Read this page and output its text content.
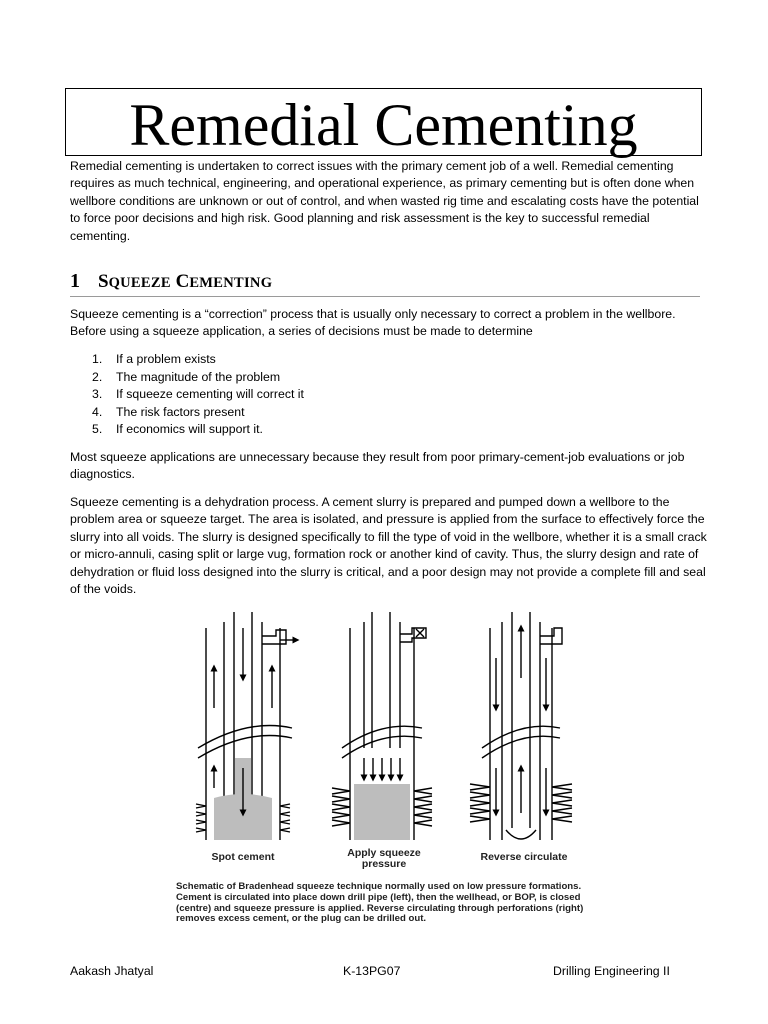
Remedial Cementing
Remedial cementing is undertaken to correct issues with the primary cement job of a well. Remedial cementing requires as much technical, engineering, and operational experience, as primary cementing but is often done when wellbore conditions are unknown or out of control, and when wasted rig time and escalating costs have the potential to force poor decisions and high risk. Good planning and risk assessment is the key to successful remedial cementing.
1 SQUEEZE CEMENTING
Squeeze cementing is a “correction” process that is usually only necessary to correct a problem in the wellbore. Before using a squeeze application, a series of decisions must be made to determine
1. If a problem exists
2. The magnitude of the problem
3. If squeeze cementing will correct it
4. The risk factors present
5. If economics will support it.
Most squeeze applications are unnecessary because they result from poor primary-cement-job evaluations or job diagnostics.
Squeeze cementing is a dehydration process. A cement slurry is prepared and pumped down a wellbore to the problem area or squeeze target. The area is isolated, and pressure is applied from the surface to effectively force the slurry into all voids. The slurry is designed specifically to fill the type of void in the wellbore, whether it is a small crack or micro-annuli, casing split or large vug, formation rock or another kind of cavity. Thus, the slurry design and rate of dehydration or fluid loss designed into the slurry is critical, and a poor design may not provide a complete fill and seal of the voids.
Spot cement	Apply squeeze
pressure
Reverse circulate
Schematic of Bradenhead squeeze technique normally used on low pressure formations. Cement is circulated into place down drill pipe (left), then the wellhead, or BOP, is closed (centre) and squeeze pressure is applied. Reverse circulating through perforations (right) removes excess cement, or the plug can be drilled out.
Aakash Jhatyal	K-13PG07	Drilling Engineering II
